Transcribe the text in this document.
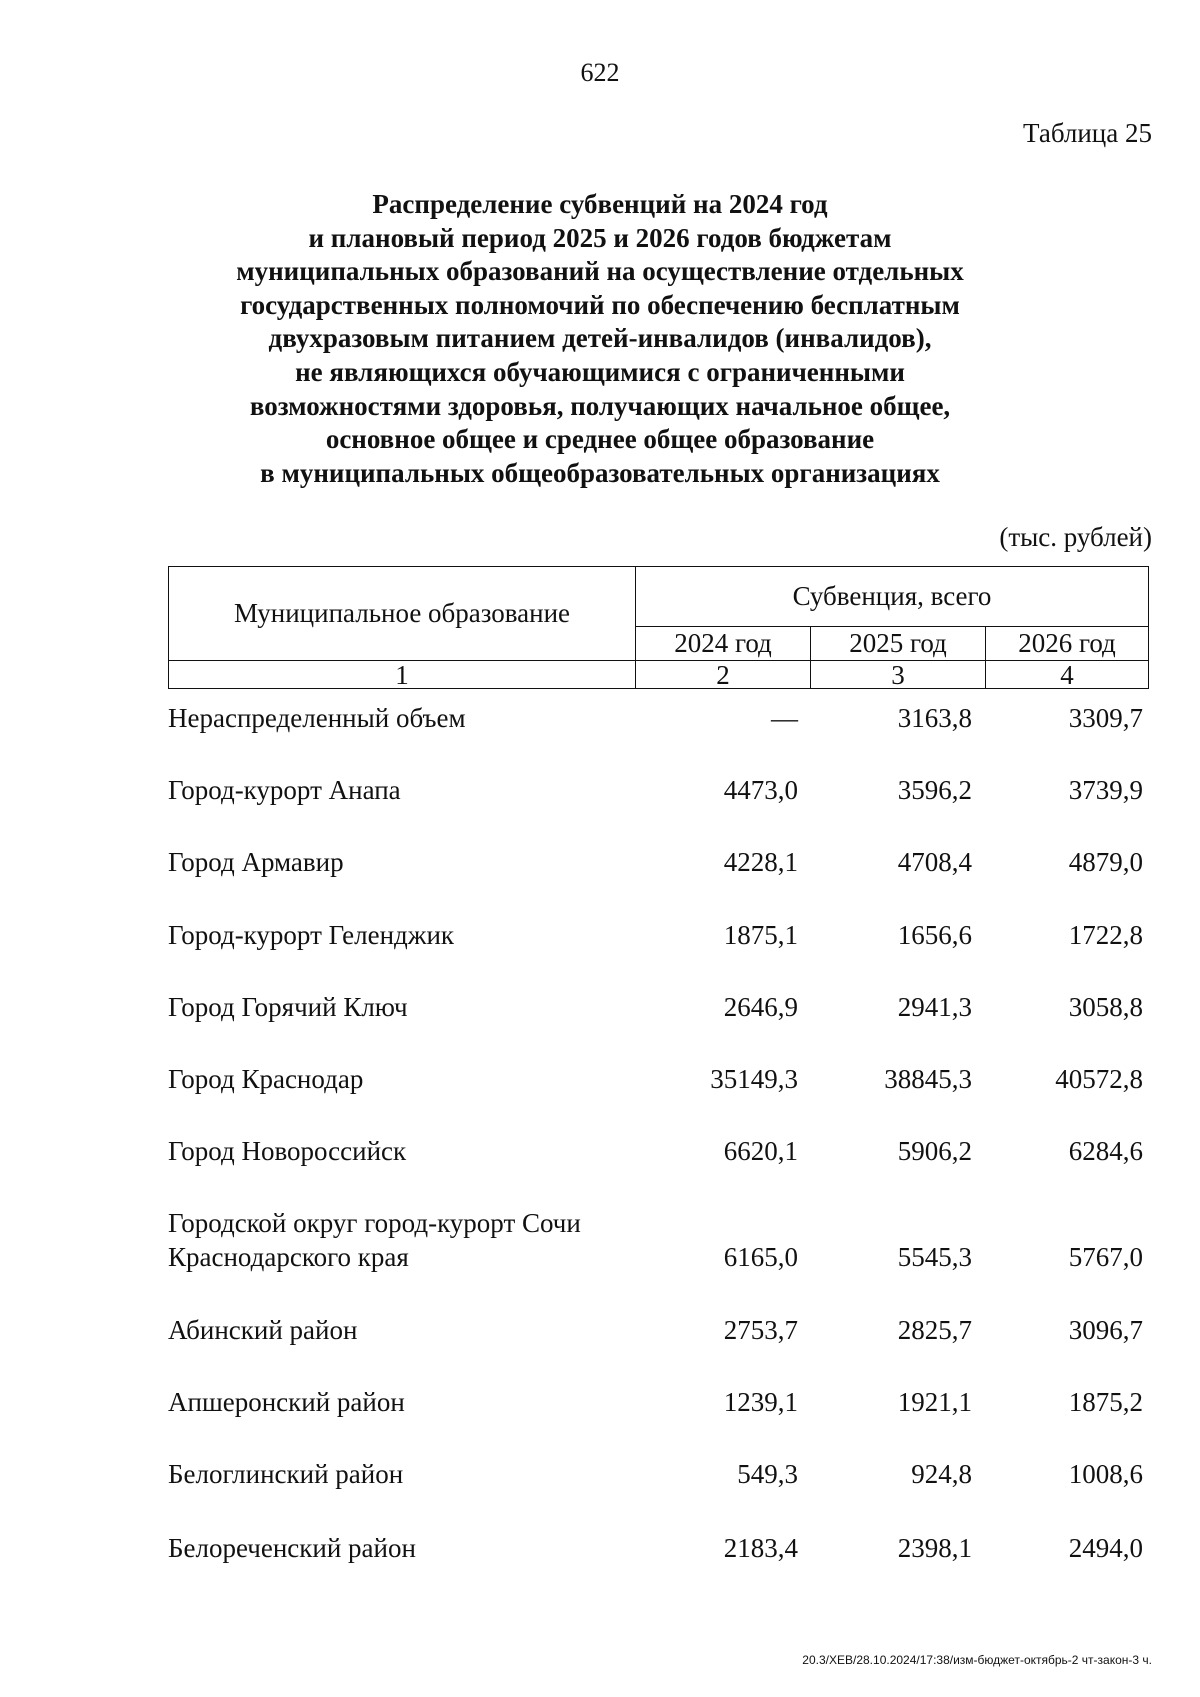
622
Таблица 25
Распределение субвенций на 2024 год
и плановый период 2025 и 2026 годов бюджетам
муниципальных образований на осуществление отдельных
государственных полномочий по обеспечению бесплатным
двухразовым питанием детей-инвалидов (инвалидов),
не являющихся обучающимися с ограниченными
возможностями здоровья, получающих начальное общее,
основное общее и среднее общее образование
в муниципальных общеобразовательных организациях
(тыс. рублей)
Муниципальное образование	Субвенция, всего		
	2024 год	2025 год	2026 год
1	2	3	4
Нераспределенный объем	—	3163,8	3309,7
Город-курорт Анапа	4473,0	3596,2	3739,9
Город Армавир	4228,1	4708,4	4879,0
Город-курорт Геленджик	1875,1	1656,6	1722,8
Город Горячий Ключ	2646,9	2941,3	3058,8
Город Краснодар	35149,3	38845,3	40572,8
Город Новороссийск	6620,1	5906,2	6284,6
Городской округ город-курорт Сочи
Краснодарского края	6165,0	5545,3	5767,0
Абинский район	2753,7	2825,7	3096,7
Апшеронский район	1239,1	1921,1	1875,2
Белоглинский район	549,3	924,8	1008,6
Белореченский район	2183,4	2398,1	2494,0
20.3/ХЕВ/28.10.2024/17:38/изм-бюджет-октябрь-2 чт-закон-3 ч.
